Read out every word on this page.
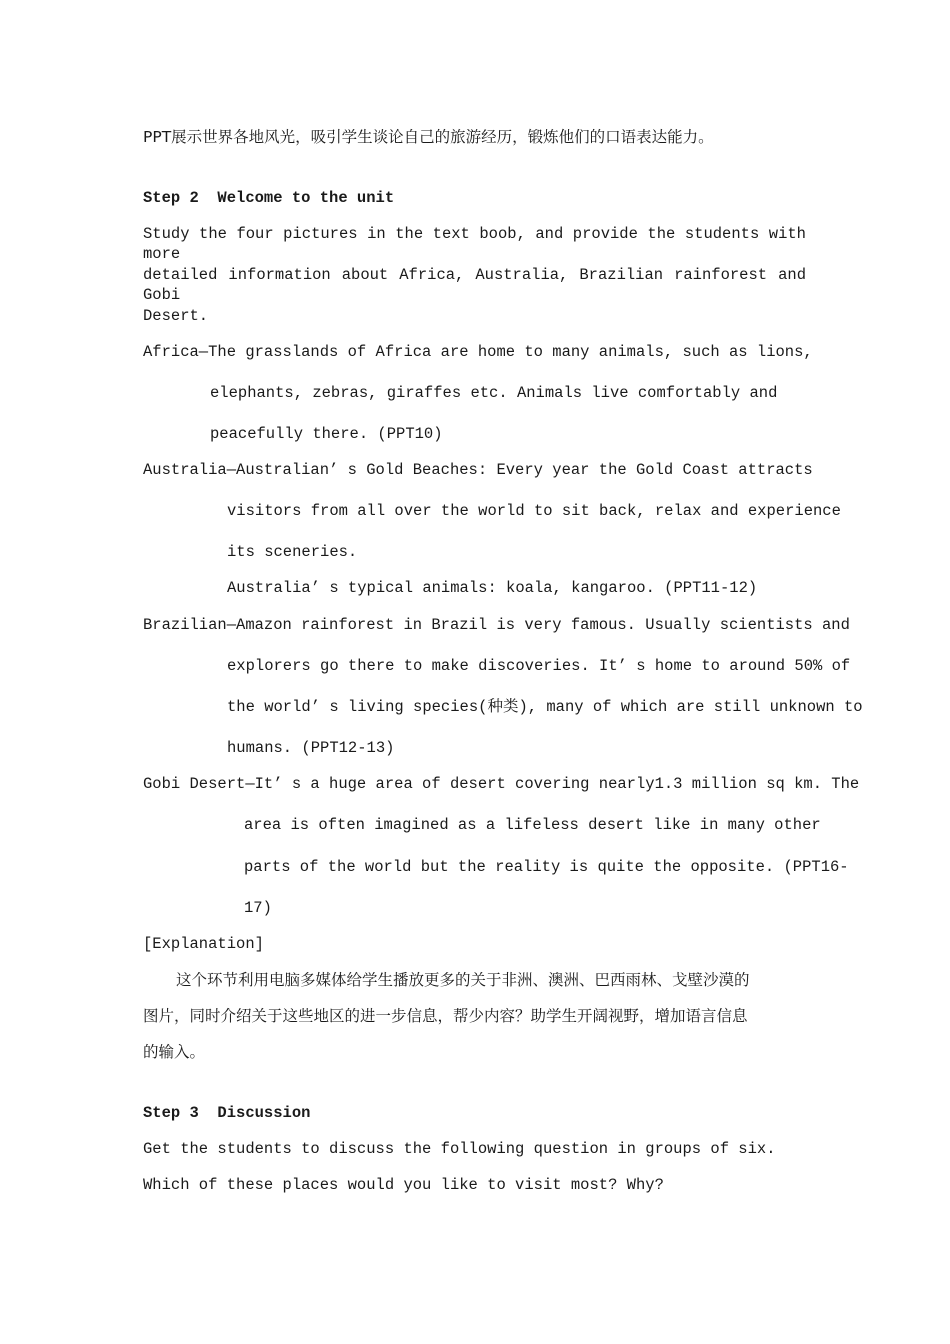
PPT展示世界各地风光，吸引学生谈论自己的旅游经历，锻炼他们的口语表达能力。
Step 2  Welcome to the unit
Study the four pictures in the text boob, and provide the students with more
detailed information about Africa, Australia, Brazilian rainforest and Gobi
Desert.
Africa—The grasslands of Africa are home to many animals, such as lions,
elephants, zebras, giraffes etc. Animals live comfortably and
peacefully there. (PPT10)
Australia—Australian’ s Gold Beaches: Every year the Gold Coast attracts
visitors from all over the world to sit back, relax and experience
its sceneries.
Australia’ s typical animals: koala, kangaroo. (PPT11-12)
Brazilian—Amazon rainforest in Brazil is very famous. Usually scientists and
explorers go there to make discoveries. It’ s home to around 50% of
the world’ s living species(种类), many of which are still unknown to
humans. (PPT12-13)
Gobi Desert—It’ s a huge area of desert covering nearly1.3 million sq km. The
area is often imagined as a lifeless desert like in many other
parts of the world but the reality is quite the opposite. (PPT16-
17)
[Explanation]
这个环节利用电脑多媒体给学生播放更多的关于非洲、澳洲、巴西雨林、戈壁沙漠的
图片，同时介绍关于这些地区的进一步信息，帮少内容？助学生开阔视野，增加语言信息
的输入。
Step 3  Discussion
Get the students to discuss the following question in groups of six.
Which of these places would you like to visit most? Why?
